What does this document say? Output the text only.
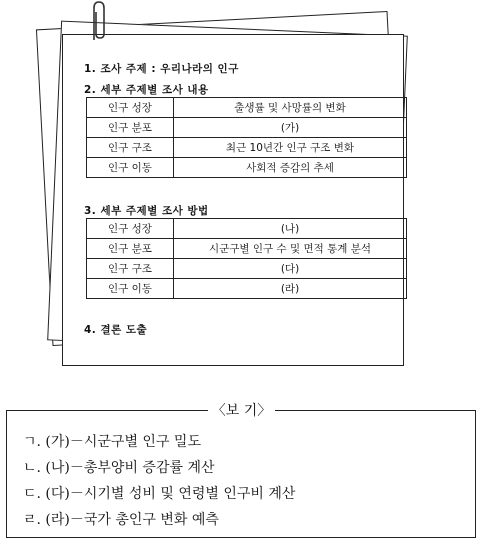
1. 조사 주제 : 우리나라의 인구
2. 세부 주제별 조사 내용
인구 성장	출생률 및 사망률의 변화
인구 분포	(가)
인구 구조	최근 10년간 인구 구조 변화
인구 이동	사회적 증감의 추세
3. 세부 주제별 조사 방법
인구 성장	(나)
인구 분포	시군구별 인구 수 및 면적 통계 분석
인구 구조	(다)
인구 이동	(라)
4. 결론 도출
ㄱ. (가)－시군구별 인구 밀도
ㄴ. (나)－총부양비 증감률 계산
ㄷ. (다)－시기별 성비 및 연령별 인구비 계산
ㄹ. (라)－국가 총인구 변화 예측
〈보 기〉
